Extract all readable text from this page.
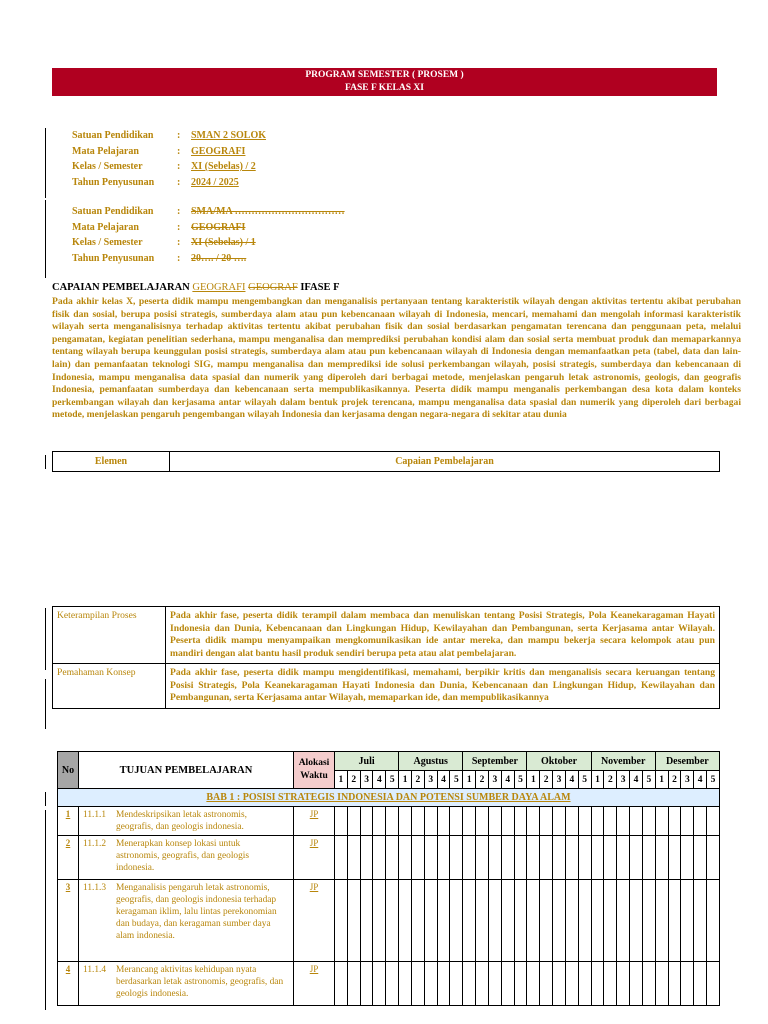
PROGRAM SEMESTER ( PROSEM )
FASE F KELAS XI
Satuan Pendidikan : SMAN 2 SOLOK
Mata Pelajaran	: GEOGRAFI
Kelas / Semester	: XI (Sebelas) / 2
Tahun Penyusunan : 2024 / 2025
Satuan Pendidikan : SMA/MA ……………………………
Mata Pelajaran	: GEOGRAFI
Kelas / Semester	: XI (Sebelas) / 1
Tahun Penyusunan : 20…. / 20 ….
CAPAIAN PEMBELAJARAN GEOGRAFI GEOGRAF IFASE F
Pada akhir kelas X, peserta didik mampu mengembangkan dan menganalisis pertanyaan tentang karakteristik wilayah dengan aktivitas tertentu akibat perubahan fisik dan sosial, berupa posisi strategis, sumberdaya alam atau pun kebencanaan wilayah di Indonesia, mencari, memahami dan mengolah informasi karakteristik wilayah serta menganalisisnya terhadap aktivitas tertentu akibat perubahan fisik dan sosial berdasarkan pengamatan terencana dan penggunaan peta, melalui pengamatan, kegiatan penelitian sederhana, mampu menganalisa dan memprediksi perubahan kondisi alam dan sosial serta membuat produk dan memaparkannya tentang wilayah berupa keunggulan posisi strategis, sumberdaya alam atau pun kebencanaan wilayah di Indonesia dengan memanfaatkan peta (tabel, data dan lain-lain) dan pemanfaatan teknologi SIG, mampu menganalisa dan memprediksi ide solusi perkembangan wilayah, posisi strategis, sumberdaya dan kebencanaan di Indonesia, mampu menganalisa data spasial dan numerik yang diperoleh dari berbagai metode, menjelaskan pengaruh letak astronomis, geologis, dan geografis Indonesia, pemanfaatan sumberdaya dan kebencanaan serta mempublikasikannya. Peserta didik mampu menganalis perkembangan desa kota dalam konteks perkembangan wilayah dan kerjasama antar wilayah dalam bentuk projek terencana, mampu menganalisa data spasial dan numerik yang diperoleh dari berbagai metode, menjelaskan pengaruh pengembangan wilayah Indonesia dan kerjasama dengan negara-negara di sekitar atau dunia
Elemen	Capaian Pembelajaran
Keterampilan Proses	Pada akhir fase, peserta didik terampil dalam membaca dan menuliskan tentang Posisi Strategis, Pola Keanekaragaman Hayati Indonesia dan Dunia, Kebencanaan dan Lingkungan Hidup, Kewilayahan dan Pembangunan, serta Kerjasama antar Wilayah. Peserta didik mampu menyampaikan mengkomunikasikan ide antar mereka, dan mampu bekerja secara kelompok atau pun mandiri dengan alat bantu hasil produk sendiri berupa peta atau alat pembelajaran.
Pemahaman Konsep	Pada akhir fase, peserta didik mampu mengidentifikasi, memahami, berpikir kritis dan menganalisis secara keruangan tentang Posisi Strategis, Pola Keanekaragaman Hayati Indonesia dan Dunia, Kebencanaan dan Lingkungan Hidup, Kewilayahan dan Pembangunan, serta Kerjasama antar Wilayah, memaparkan ide, dan mempublikasikannya
No	TUJUAN PEMBELAJARAN	Alokasi Waktu	Juli					Agustus					September					Oktober					November					Desember				
			1	2	3	4	5	1	2	3	4	5	1	2	3	4	5	1	2	3	4	5	1	2	3	4	5	1	2	3	4	5
BAB 1 : POSISI STRATEGIS INDONESIA DAN POTENSI SUMBER DAYA ALAM																																
1	11.1.1 Mendeskripsikan letak astronomis, geografis, dan geologis indonesia.	JP																														
2	11.1.2 Menerapkan konsep lokasi untuk astronomis, geografis, dan geologis indonesia.	JP																														
3	11.1.3 Menganalisis pengaruh letak astronomis, geografis, dan geologis indonesia terhadap keragaman iklim, lalu lintas perekonomian dan budaya, dan keragaman sumber daya alam indonesia.	JP																														
4	11.1.4 Merancang aktivitas kehidupan nyata berdasarkan letak astronomis, geografis, dan geologis indonesia.	JP																														
